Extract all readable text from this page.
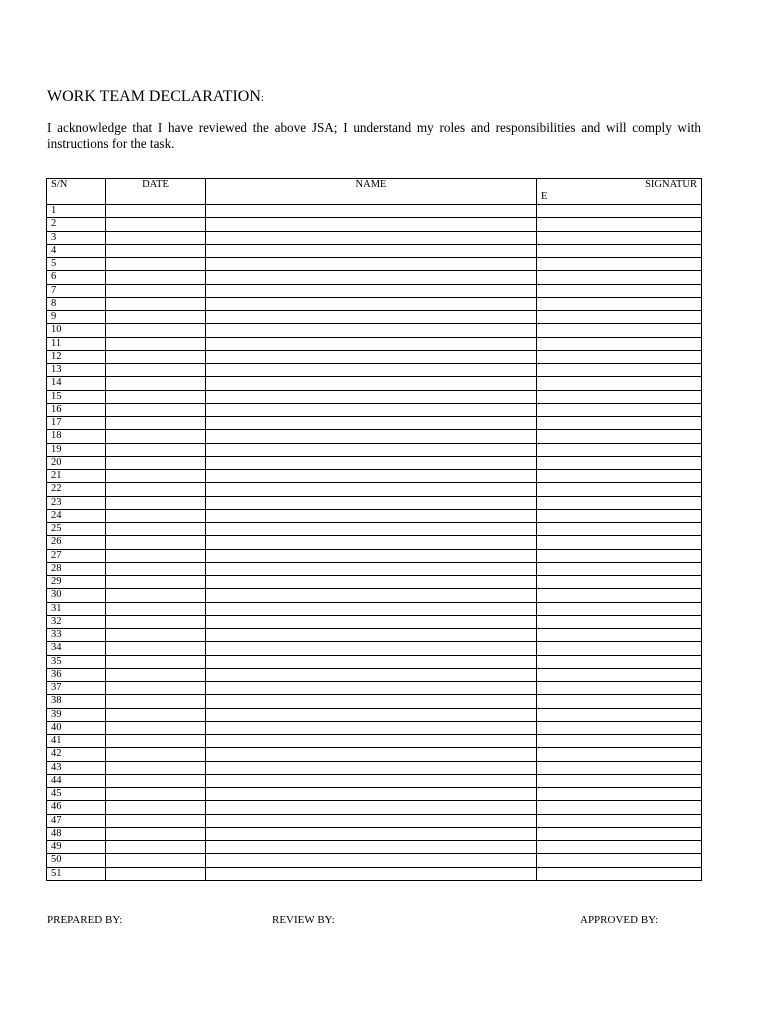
WORK TEAM DECLARATION:
I acknowledge that I have reviewed the above JSA; I understand my roles and responsibilities and will comply with instructions for the task.
S/N	DATE	NAME	SIGNATUR
E

1			
2			
3			
4			
5			
6			
7			
8			
9			
10			
11			
12			
13			
14			
15			
16			
17			
18			
19			
20			
21			
22			
23			
24			
25			
26			
27			
28			
29			
30			
31			
32			
33			
34			
35			
36			
37			
38			
39			
40			
41			
42			
43			
44			
45			
46			
47			
48			
49			
50			
51			
PREPARED BY:	REVIEW BY:	APPROVED BY:
